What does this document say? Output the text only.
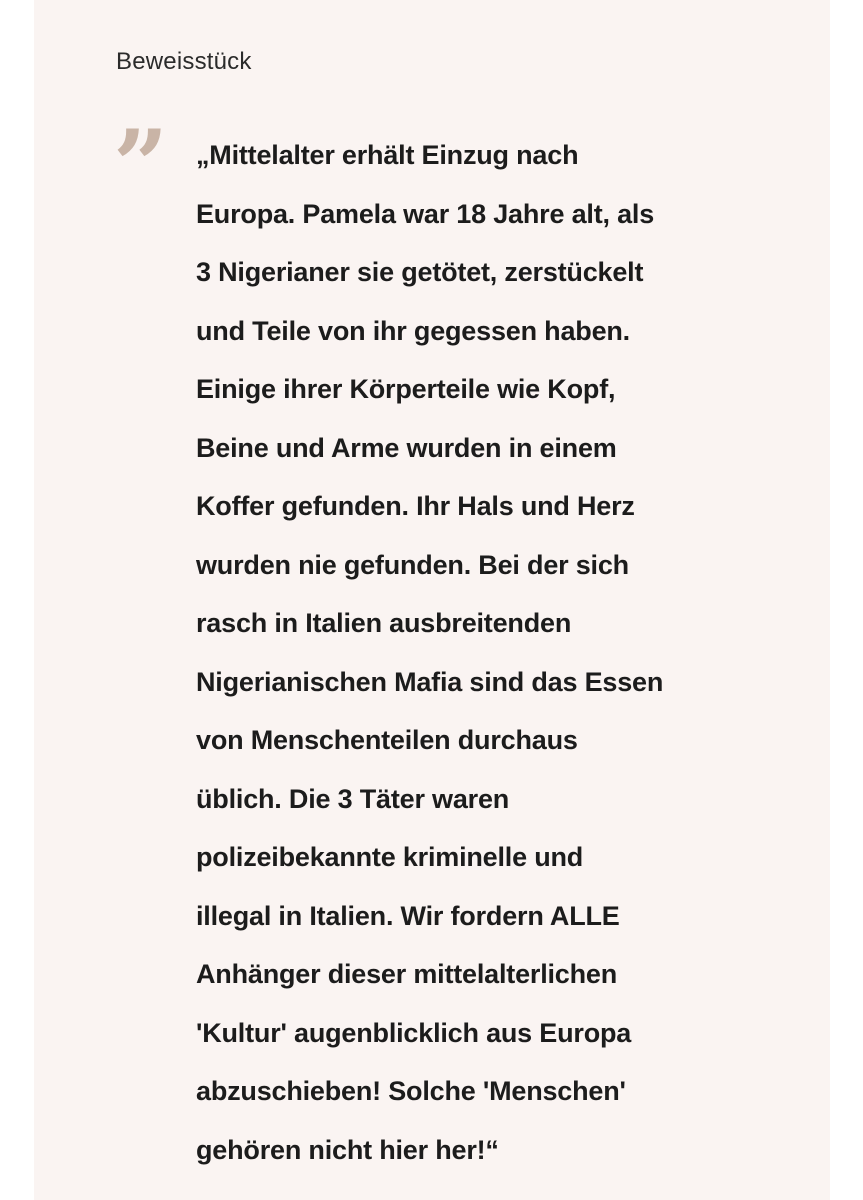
Beweisstück
” „Mittelalter erhält Einzug nach
Europa. Pamela war 18 Jahre alt, als
3 Nigerianer sie getötet, zerstückelt
und Teile von ihr gegessen haben.
Einige ihrer Körperteile wie Kopf,
Beine und Arme wurden in einem
Koffer gefunden. Ihr Hals und Herz
wurden nie gefunden. Bei der sich
rasch in Italien ausbreitenden
Nigerianischen Mafia sind das Essen
von Menschenteilen durchaus
üblich. Die 3 Täter waren
polizeibekannte kriminelle und
illegal in Italien. Wir fordern ALLE
Anhänger dieser mittelalterlichen
'Kultur' augenblicklich aus Europa
abzuschieben! Solche 'Menschen'
gehören nicht hier her!“
